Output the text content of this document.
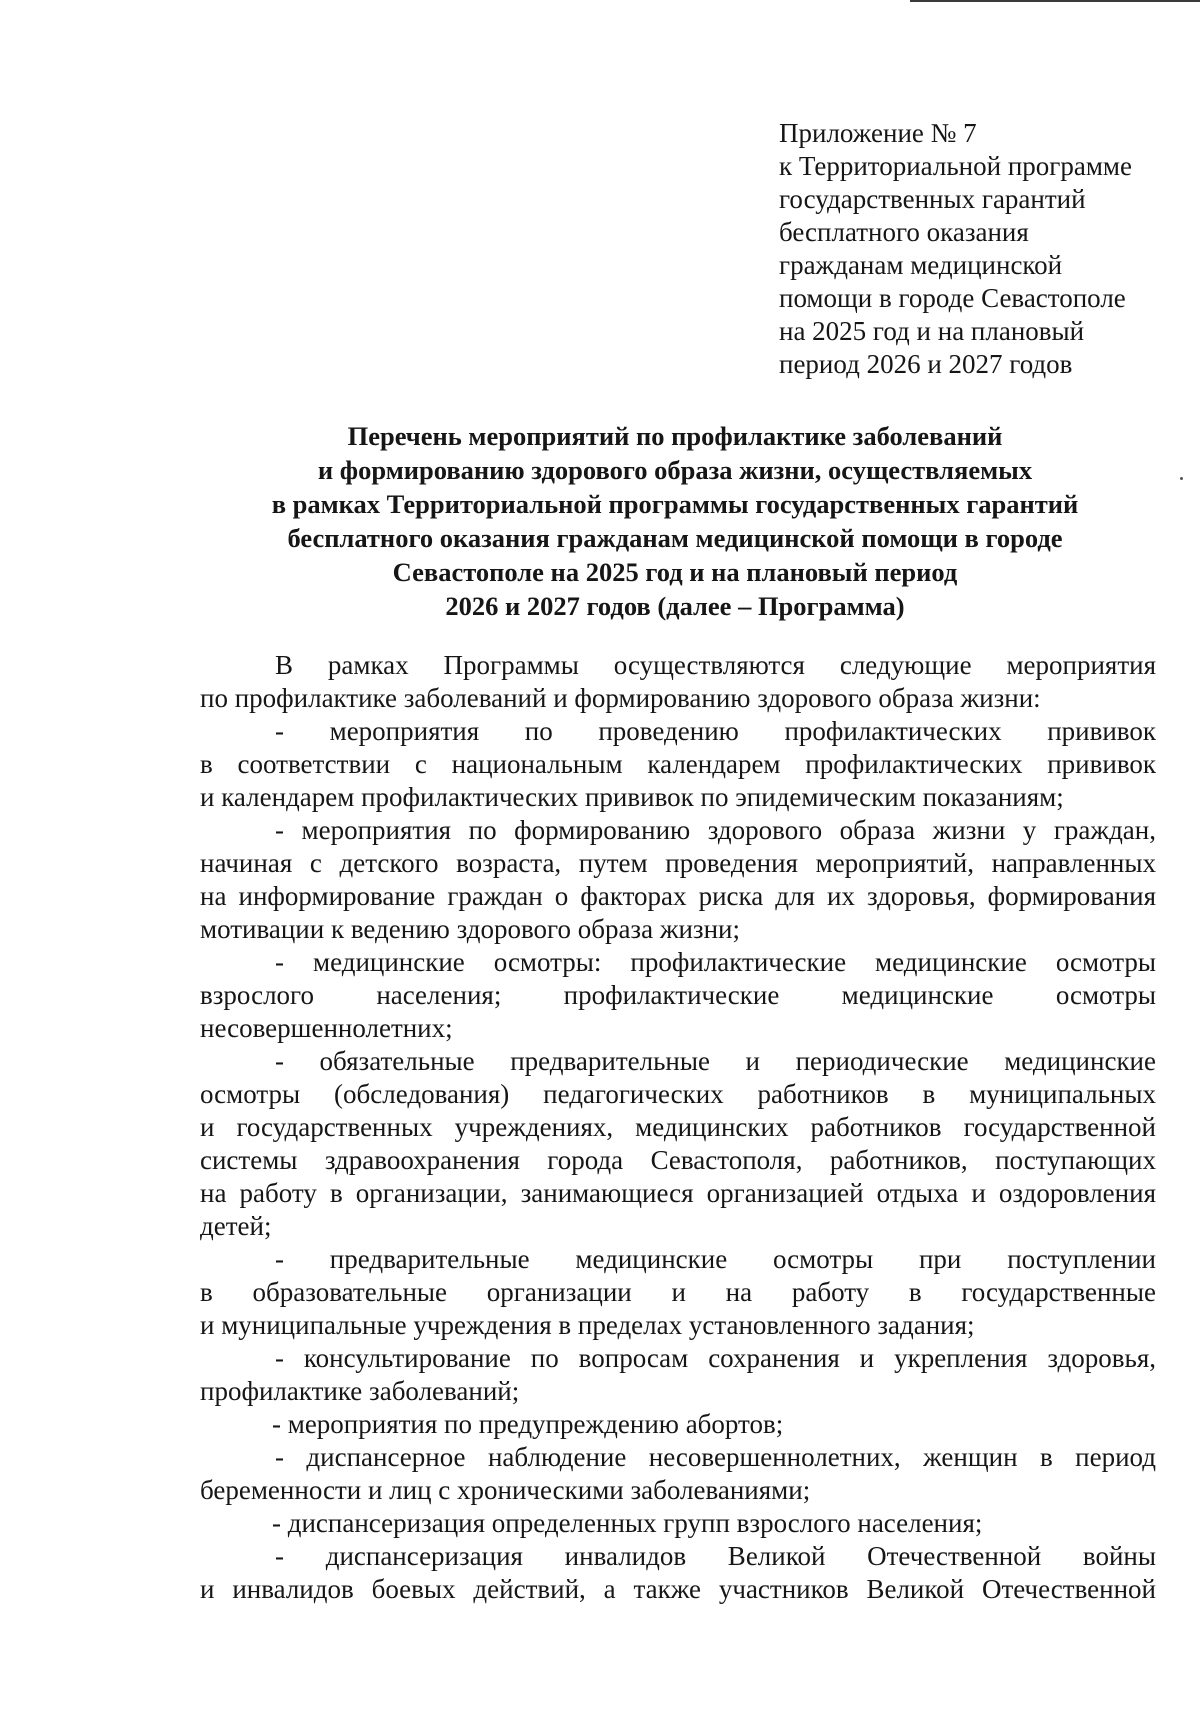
Приложение № 7
к Территориальной программе
государственных гарантий
бесплатного оказания
гражданам медицинской
помощи в городе Севастополе
на 2025 год и на плановый
период 2026 и 2027 годов
Перечень мероприятий по профилактике заболеваний
и формированию здорового образа жизни, осуществляемых
в рамках Территориальной программы государственных гарантий
бесплатного оказания гражданам медицинской помощи в городе
Севастополе на 2025 год и на плановый период
2026 и 2027 годов (далее – Программа)
В рамках Программы осуществляются следующие мероприятия
по профилактике заболеваний и формированию здорового образа жизни:
- мероприятия по проведению профилактических прививок
в соответствии с национальным календарем профилактических прививок
и календарем профилактических прививок по эпидемическим показаниям;
- мероприятия по формированию здорового образа жизни у граждан,
начиная с детского возраста, путем проведения мероприятий, направленных
на информирование граждан о факторах риска для их здоровья, формирования
мотивации к ведению здорового образа жизни;
- медицинские осмотры: профилактические медицинские осмотры
взрослого населения; профилактические медицинские осмотры
несовершеннолетних;
- обязательные предварительные и периодические медицинские
осмотры (обследования) педагогических работников в муниципальных
и государственных учреждениях, медицинских работников государственной
системы здравоохранения города Севастополя, работников, поступающих
на работу в организации, занимающиеся организацией отдыха и оздоровления
детей;
- предварительные медицинские осмотры при поступлении
в образовательные организации и на работу в государственные
и муниципальные учреждения в пределах установленного задания;
- консультирование по вопросам сохранения и укрепления здоровья,
профилактике заболеваний;
- мероприятия по предупреждению абортов;
- диспансерное наблюдение несовершеннолетних, женщин в период
беременности и лиц с хроническими заболеваниями;
- диспансеризация определенных групп взрослого населения;
- диспансеризация инвалидов Великой Отечественной войны
и инвалидов боевых действий, а также участников Великой Отечественной
